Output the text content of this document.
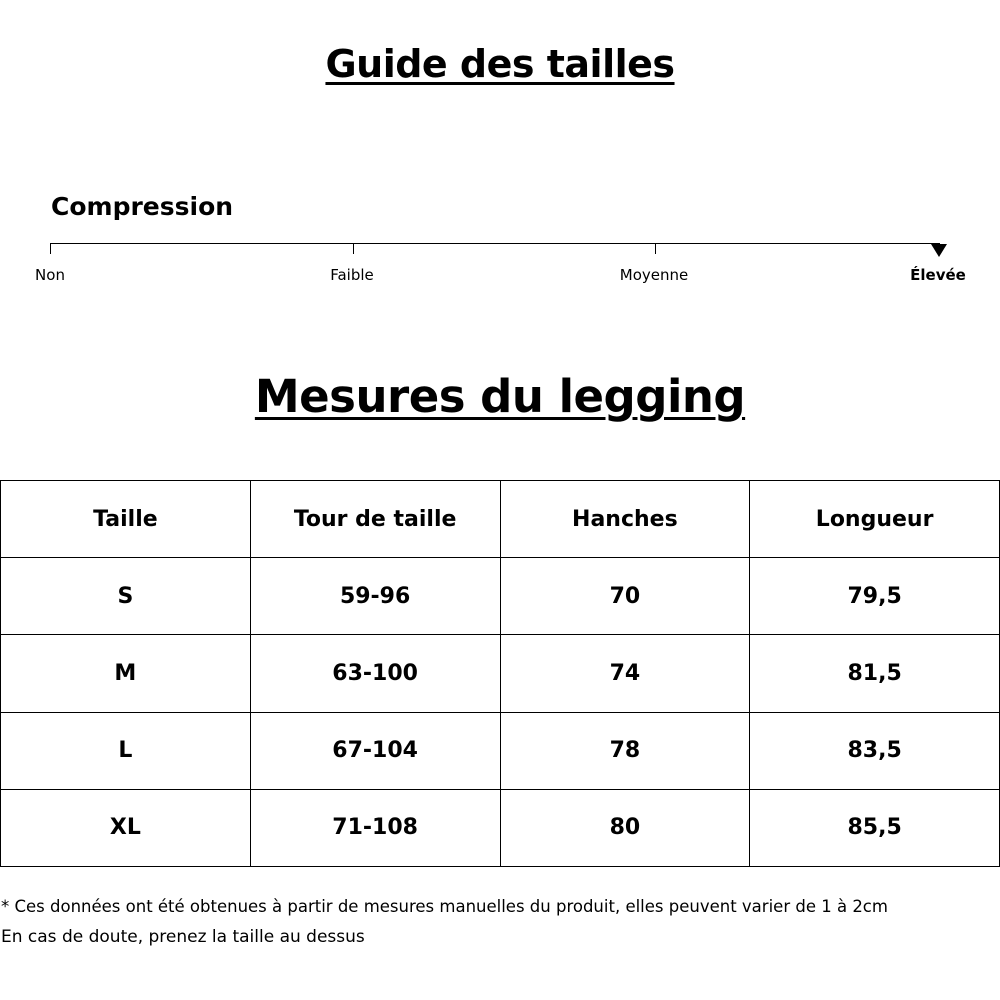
Guide des tailles
Compression
Non	Faible	Moyenne	Élevée
Mesures du legging
Taille	Tour de taille	Hanches	Longueur
S	59-96	70	79,5
M	63-100	74	81,5
L	67-104	78	83,5
XL	71-108	80	85,5

* Ces données ont été obtenues à partir de mesures manuelles du produit, elles peuvent varier de 1 à 2cm

En cas de doute, prenez la taille au dessus
